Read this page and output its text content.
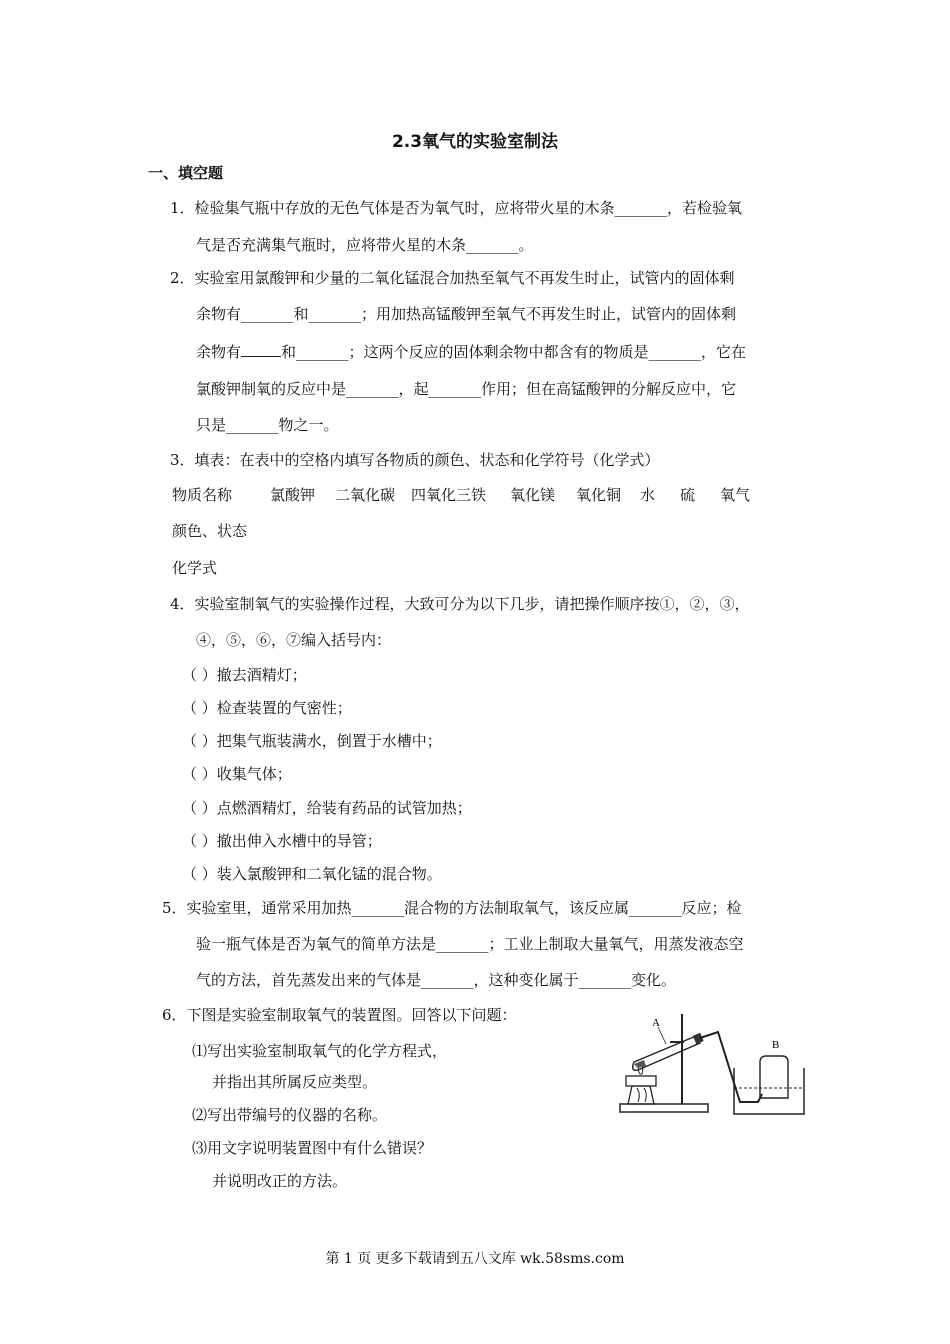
2.3氧气的实验室制法
一、填空题
1．检验集气瓶中存放的无色气体是否为氧气时，应将带火星的木条_______，若检验氧
气是否充满集气瓶时，应将带火星的木条_______。
2．实验室用氯酸钾和少量的二氧化锰混合加热至氧气不再发生时止，试管内的固体剩
余物有_______和_______；用加热高锰酸钾至氧气不再发生时止，试管内的固体剩
余物有	和_______；这两个反应的固体剩余物中都含有的物质是_______，它在
氯酸钾制氧的反应中是_______，起_______作用；但在高锰酸钾的分解反应中，它
只是_______物之一。
3．填表：在表中的空格内填写各物质的颜色、状态和化学符号（化学式）
物质名称	氯酸钾 二氧化碳 四氧化三铁 氧化镁 氧化铜 水 硫 氧气
颜色、状态
化学式
4．实验室制氧气的实验操作过程，大致可分为以下几步，请把操作顺序按①，②，③，
④，⑤，⑥，⑦编入括号内：
（ ）撤去酒精灯；
（ ）检查装置的气密性；
（ ）把集气瓶装满水，倒置于水槽中；
（ ）收集气体；
（ ）点燃酒精灯，给装有药品的试管加热；
（ ）撤出伸入水槽中的导管；
（ ）装入氯酸钾和二氧化锰的混合物。
5．实验室里，通常采用加热_______混合物的方法制取氧气，该反应属_______反应；检
验一瓶气体是否为氧气的简单方法是_______；工业上制取大量氧气，用蒸发液态空
气的方法，首先蒸发出来的气体是_______，这种变化属于_______变化。
6．下图是实验室制取氧气的装置图。回答以下问题：
⑴写出实验室制取氧气的化学方程式，
并指出其所属反应类型。
⑵写出带编号的仪器的名称。
⑶用文字说明装置图中有什么错误？
并说明改正的方法。
A
B
第 1 页 更多下载请到五八文库 wk.58sms.com
